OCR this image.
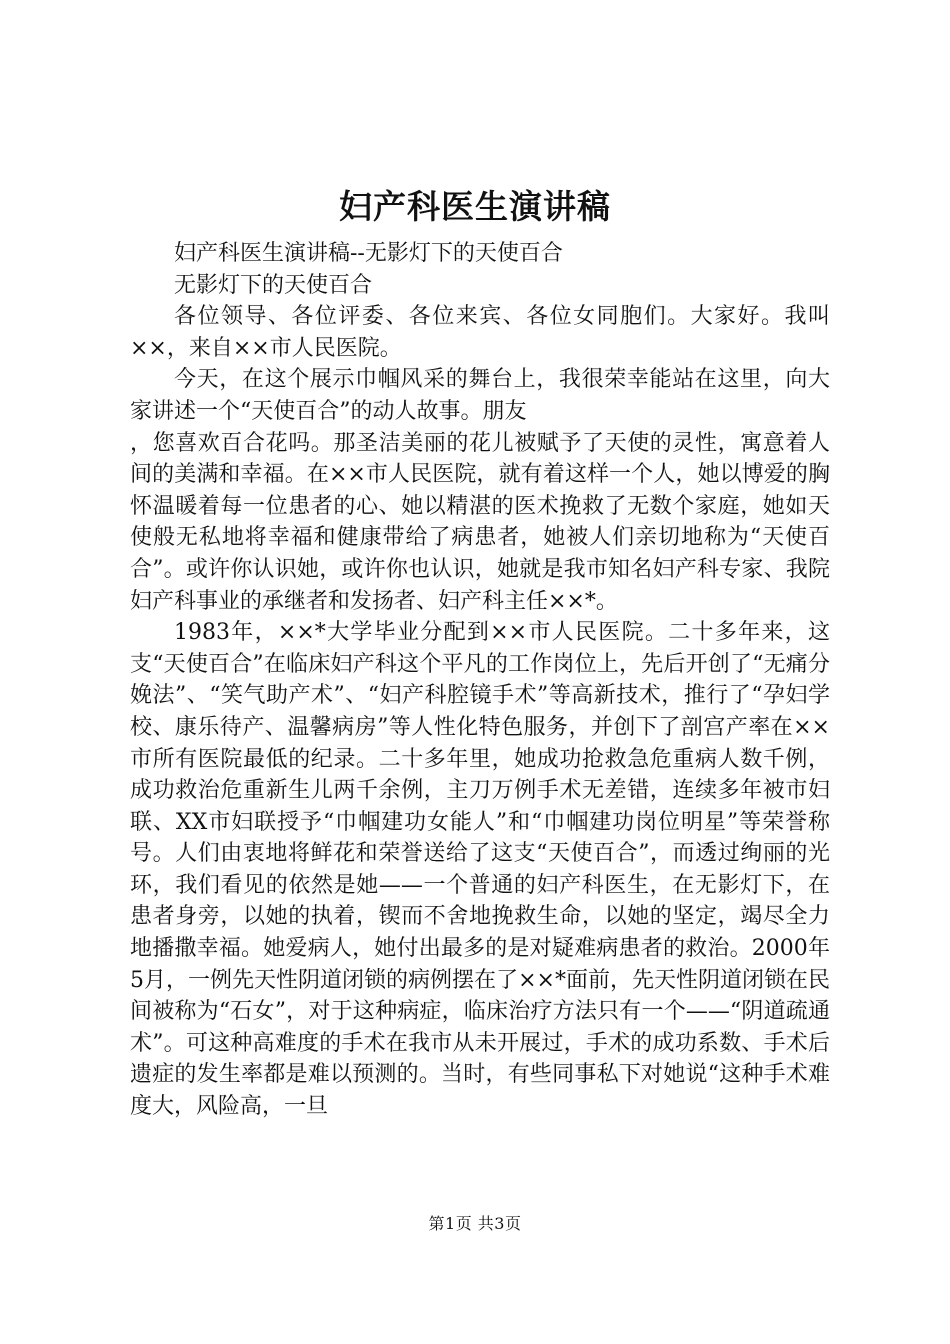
妇产科医生演讲稿

妇产科医生演讲稿--无影灯下的天使百合

无影灯下的天使百合

各位领导、各位评委、各位来宾、各位女同胞们。大家好。我叫××，来自××市人民医院。

今天，在这个展示巾帼风采的舞台上，我很荣幸能站在这里，向大家讲述一个“天使百合”的动人故事。朋友

，您喜欢百合花吗。那圣洁美丽的花儿被赋予了天使的灵性，寓意着人间的美满和幸福。在××市人民医院，就有着这样一个人，她以博爱的胸怀温暖着每一位患者的心、她以精湛的医术挽救了无数个家庭，她如天使般无私地将幸福和健康带给了病患者，她被人们亲切地称为“天使百合”。或许你认识她，或许你也认识，她就是我市知名妇产科专家、我院妇产科事业的承继者和发扬者、妇产科主任××*。

1983年，××*大学毕业分配到××市人民医院。二十多年来，这支“天使百合”在临床妇产科这个平凡的工作岗位上，先后开创了“无痛分娩法”、“笑气助产术”、“妇产科腔镜手术”等高新技术，推行了“孕妇学校、康乐待产、温馨病房”等人性化特色服务，并创下了剖宫产率在××市所有医院最低的纪录。二十多年里，她成功抢救急危重病人数千例，成功救治危重新生儿两千余例，主刀万例手术无差错，连续多年被市妇联、XX市妇联授予“巾帼建功女能人”和“巾帼建功岗位明星”等荣誉称号。人们由衷地将鲜花和荣誉送给了这支“天使百合”，而透过绚丽的光环，我们看见的依然是她——一个普通的妇产科医生，在无影灯下，在患者身旁，以她的执着，锲而不舍地挽救生命，以她的坚定，竭尽全力地播撒幸福。她爱病人，她付出最多的是对疑难病患者的救治。2000年5月，一例先天性阴道闭锁的病例摆在了××*面前，先天性阴道闭锁在民间被称为“石女”，对于这种病症，临床治疗方法只有一个——“阴道疏通术”。可这种高难度的手术在我市从未开展过，手术的成功系数、手术后遗症的发生率都是难以预测的。当时，有些同事私下对她说“这种手术难度大，风险高，一旦

第1页 共3页
